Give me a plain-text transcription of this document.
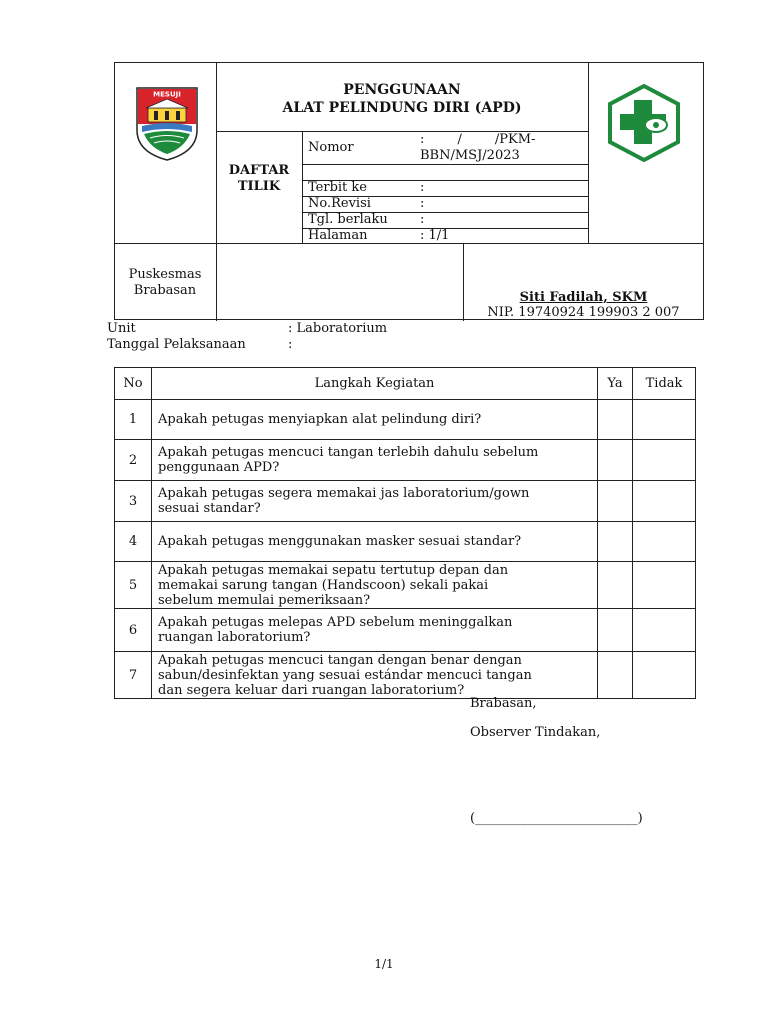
MESUJI	PENGGUNAAN
ALAT PELINDUNG DIRI (APD)
DAFTAR
TILIK
Nomor
:        /        /PKM-
BBN/MSJ/2023
Terbit ke	:
No.Revisi	:
Tgl. berlaku :
Halaman	: 1/1
Puskesmas
Brabasan	Siti Fadilah, SKM
NIP. 19740924 199903 2 007
Unit	: Laboratorium
Tanggal Pelaksanaan	:
No	Langkah Kegiatan	Ya	Tidak
1	Apakah petugas menyiapkan alat pelindung diri?		

2	Apakah petugas mencuci tangan terlebih dahulu sebelum
penggunaan APD?		

3	Apakah petugas segera memakai jas laboratorium/gown
sesuai standar?		

4	Apakah petugas menggunakan masker sesuai standar?		

5	Apakah petugas memakai sepatu tertutup depan dan
memakai sarung tangan (Handscoon) sekali pakai
sebelum memulai pemeriksaan?		

6	Apakah petugas melepas APD sebelum meninggalkan
ruangan laboratorium?		

7	Apakah petugas mencuci tangan dengan benar dengan
sabun/desinfektan yang sesuai estándar mencuci tangan
dan segera keluar dari ruangan laboratorium?		

Brabasan,
Observer Tindakan,
(_________________________)
1/1
